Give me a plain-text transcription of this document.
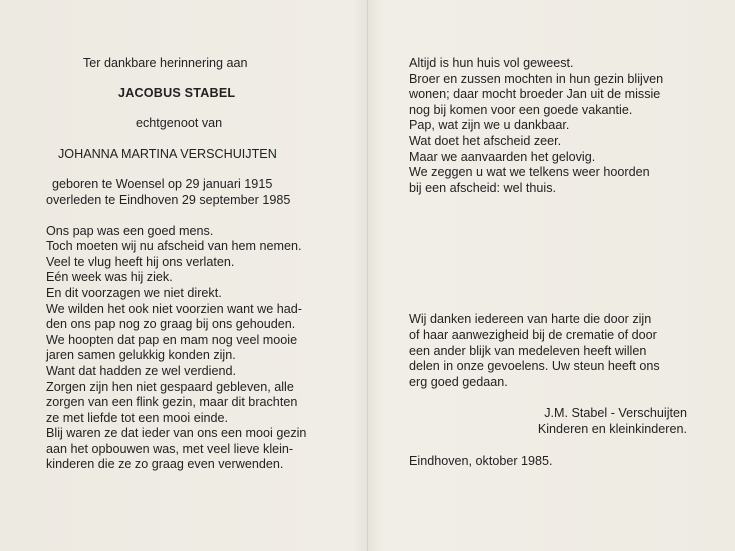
Ter dankbare herinnering aan

JACOBUS STABEL

echtgenoot van

JOHANNA MARTINA VERSCHUIJTEN

geboren te Woensel op 29 januari 1915

overleden te Eindhoven 29 september 1985

Ons pap was een goed mens.
Toch moeten wij nu afscheid van hem nemen.
Veel te vlug heeft hij ons verlaten.
Eén week was hij ziek.
En dit voorzagen we niet direkt.
We wilden het ook niet voorzien want we had-
den ons pap nog zo graag bij ons gehouden.
We hoopten dat pap en mam nog veel mooie
jaren samen gelukkig konden zijn.
Want dat hadden ze wel verdiend.
Zorgen zijn hen niet gespaard gebleven, alle
zorgen van een flink gezin, maar dit brachten
ze met liefde tot een mooi einde.
Blij waren ze dat ieder van ons een mooi gezin
aan het opbouwen was, met veel lieve klein-
kinderen die ze zo graag even verwenden.
Altijd is hun huis vol geweest.
Broer en zussen mochten in hun gezin blijven
wonen; daar mocht broeder Jan uit de missie
nog bij komen voor een goede vakantie.
Pap, wat zijn we u dankbaar.
Wat doet het afscheid zeer.
Maar we aanvaarden het gelovig.
We zeggen u wat we telkens weer hoorden
bij een afscheid: wel thuis.
Wij danken iedereen van harte die door zijn
of haar aanwezigheid bij de crematie of door
een ander blijk van medeleven heeft willen
delen in onze gevoelens. Uw steun heeft ons
erg goed gedaan.
J.M. Stabel - Verschuijten
Kinderen en kleinkinderen.

Eindhoven, oktober 1985.
